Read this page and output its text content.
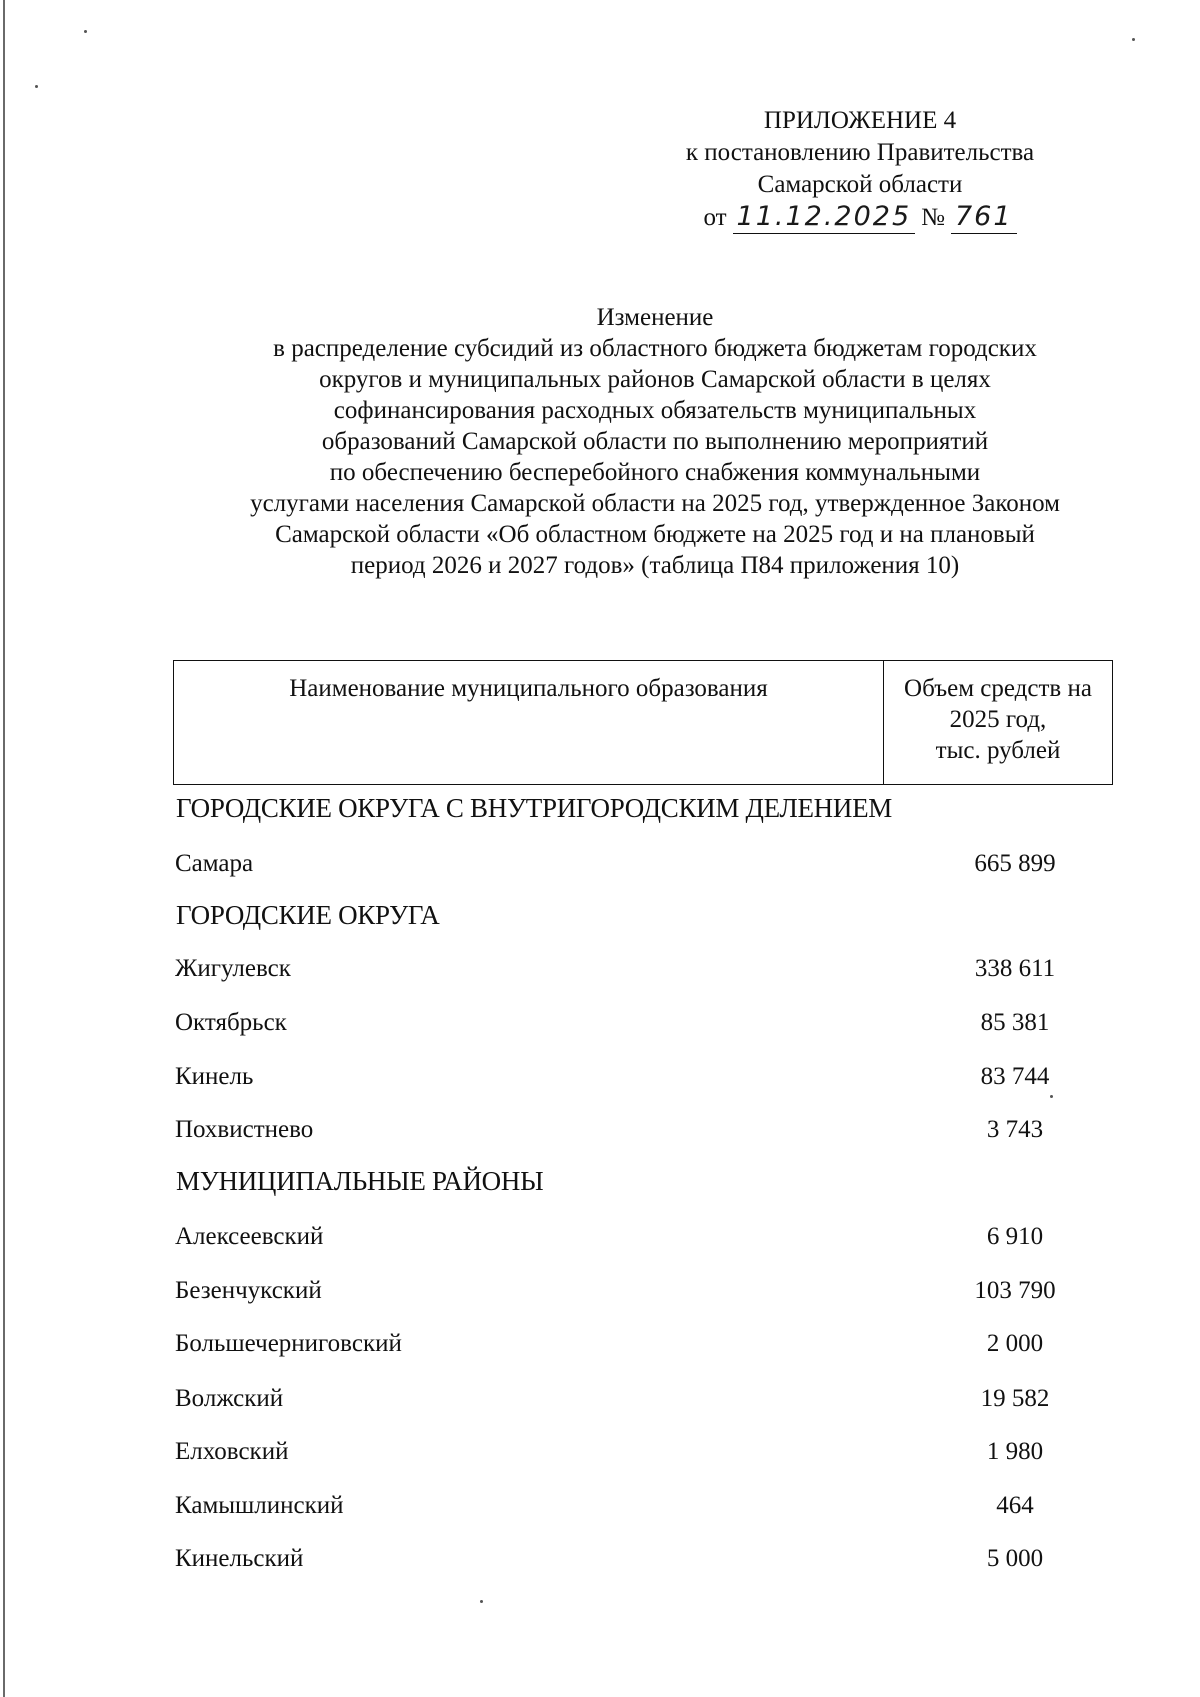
ПРИЛОЖЕНИЕ 4
к постановлению Правительства
Самарской области
от 11.12.2025 № 761
Изменение
в распределение субсидий из областного бюджета бюджетам городских
округов и муниципальных районов Самарской области в целях
софинансирования расходных обязательств муниципальных
образований Самарской области по выполнению мероприятий
по обеспечению бесперебойного снабжения коммунальными
услугами населения Самарской области на 2025 год, утвержденное Законом
Самарской области «Об областном бюджете на 2025 год и на плановый
период 2026 и 2027 годов» (таблица П84 приложения 10)
Наименование муниципального образования	Объем средств на
2025 год,
тыс. рублей
ГОРОДСКИЕ ОКРУГА С ВНУТРИГОРОДСКИМ ДЕЛЕНИЕМ
Самара	665 899
ГОРОДСКИЕ ОКРУГА
Жигулевск	338 611
Октябрьск	85 381
Кинель	83 744
Похвистнево	3 743
МУНИЦИПАЛЬНЫЕ РАЙОНЫ
Алексеевский	6 910
Безенчукский	103 790
Большечерниговский	2 000
Волжский	19 582
Елховский	1 980
Камышлинский	464
Кинельский	5 000
